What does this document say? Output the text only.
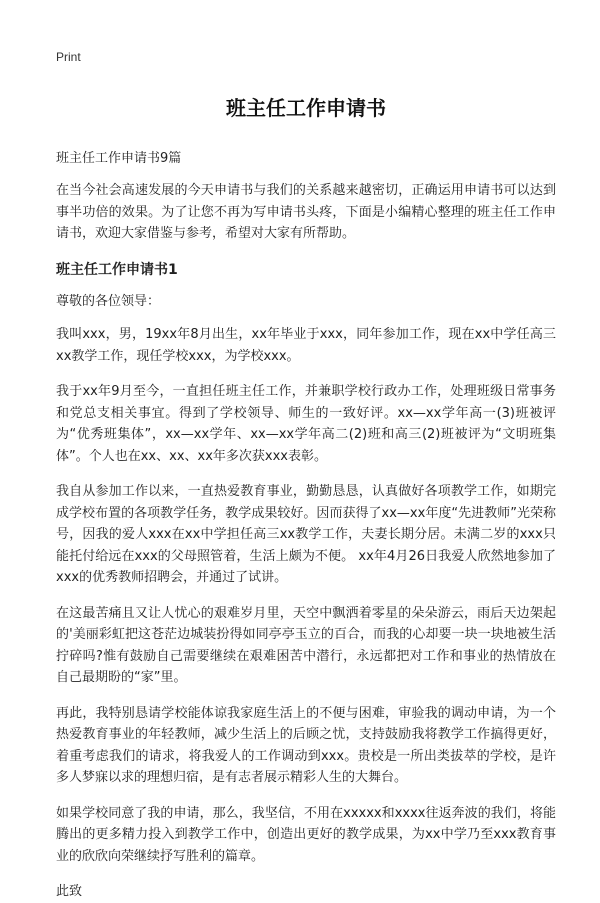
Print
班主任工作申请书
班主任工作申请书9篇

在当今社会高速发展的今天申请书与我们的关系越来越密切，正确运用申请书可以达到事半功倍的效果。为了让您不再为写申请书头疼，下面是小编精心整理的班主任工作申请书，欢迎大家借鉴与参考，希望对大家有所帮助。

班主任工作申请书1

尊敬的各位领导：

我叫xxx，男，19xx年8月出生，xx年毕业于xxx，同年参加工作，现在xx中学任高三xx教学工作，现任学校xxx，为学校xxx。

我于xx年9月至今，一直担任班主任工作，并兼职学校行政办工作，处理班级日常事务和党总支相关事宜。得到了学校领导、师生的一致好评。xx—xx学年高一(3)班被评为“优秀班集体”，xx—xx学年、xx—xx学年高二(2)班和高三(2)班被评为“文明班集体”。个人也在xx、xx、xx年多次获xxx表彰。

我自从参加工作以来，一直热爱教育事业，勤勤恳恳，认真做好各项教学工作，如期完成学校布置的各项教学任务，教学成果较好。因而获得了xx—xx年度“先进教师”光荣称号，因我的爱人xxx在xx中学担任高三xx教学工作，夫妻长期分居。未满二岁的xxx只能托付给远在xxx的父母照管着，生活上颇为不便。 xx年4月26日我爱人欣然地参加了xxx的优秀教师招聘会，并通过了试讲。

在这最苦痛且又让人忧心的艰难岁月里，天空中飘洒着零星的朵朵游云，雨后天边架起的'美丽彩虹把这苍茫边城装扮得如同亭亭玉立的百合，而我的心却要一块一块地被生活拧碎吗?惟有鼓励自己需要继续在艰难困苦中潜行，永远都把对工作和事业的热情放在自己最期盼的“家”里。

再此，我特别恳请学校能体谅我家庭生活上的不便与困难，审验我的调动申请，为一个热爱教育事业的年轻教师，减少生活上的后顾之忧，支持鼓励我将教学工作搞得更好，着重考虑我们的请求，将我爱人的工作调动到xxx。贵校是一所出类拔萃的学校，是许多人梦寐以求的理想归宿，是有志者展示精彩人生的大舞台。

如果学校同意了我的申请，那么，我坚信，不用在xxxxx和xxxx往返奔波的我们，将能腾出的更多精力投入到教学工作中，创造出更好的教学成果，为xx中学乃至xxx教育事业的欣欣向荣继续抒写胜利的篇章。

此致
